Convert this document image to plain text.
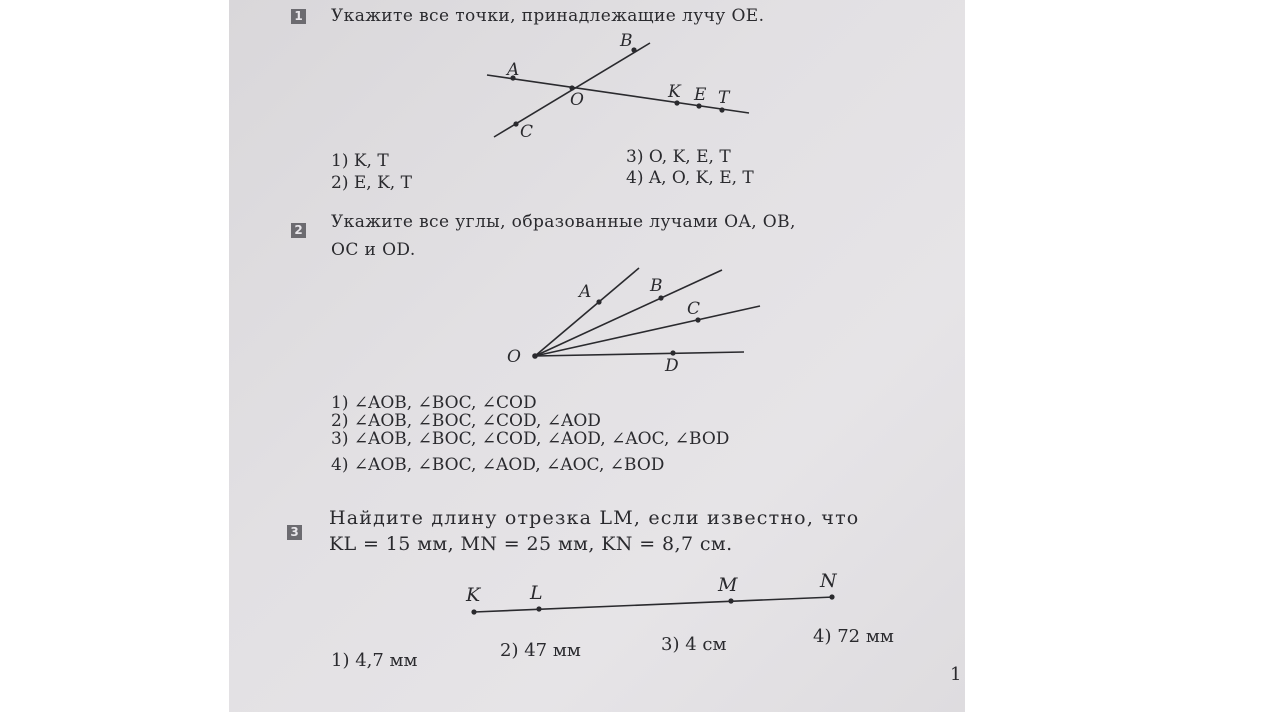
1 Укажите все точки, принадлежащие лучу OE.
B
A
O	K E T
C
1) K, T
2) E, K, T
3) O, K, E, T
4) A, O, K, E, T
2 Укажите все углы, образованные лучами OA, OB,
OC и OD.
A	B
C
O	D
1) ∠AOB, ∠BOC, ∠COD
2) ∠AOB, ∠BOC, ∠COD, ∠AOD
3) ∠AOB, ∠BOC, ∠COD, ∠AOD, ∠AOC, ∠BOD
4) ∠AOB, ∠BOC, ∠AOD, ∠AOC, ∠BOD
3
Найдите длину отрезка LM, если известно, что
KL = 15 мм, MN = 25 мм, KN = 8,7 см.
K	L	M	N
1) 4,7 мм	2) 47 мм	3) 4 см	4) 72 мм
1
